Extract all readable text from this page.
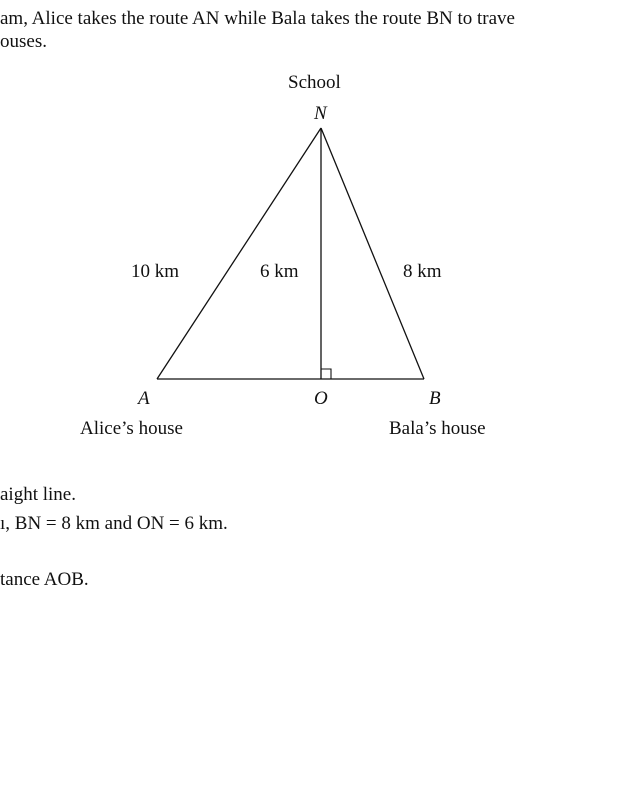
am, Alice takes the route AN while Bala takes the route BN to trave
ouses.
School
N
10 km	6 km	8 km
A	O	B
Alice’s house	Bala’s house
aight line.
ı, BN = 8 km and ON = 6 km.
tance AOB.
